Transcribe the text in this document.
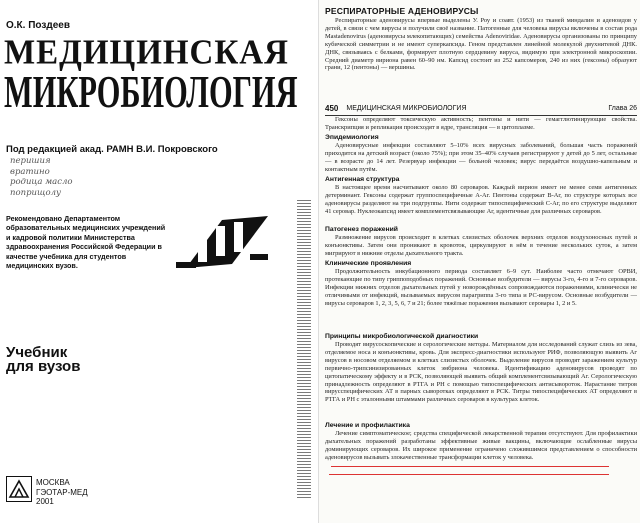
О.К. Поздеев
МЕДИЦИНСКАЯ
МИКРОБИОЛОГИЯ
Под редакцией акад. РАМН В.И. Покровского
перишия
вратино
родица масло
поприщолу
Рекомендовано Департаментом образовательных медицинских учреждений и кадровой политики Министерства здравоохранения Российской Федерации в качестве учебника для студентов медицинских вузов.
Учебник
для вузов
МОСКВА
ГЭОТАР-МЕД
2001
РЕСПИРАТОРНЫЕ АДЕНОВИРУСЫ
Респираторные аденовирусы впервые выделены У. Роу и соавт. (1953) из тканей миндалин и аденоидов у детей, в связи с чем вирусы и получили своё название. Патогенные для человека вирусы включены в состав рода Mastadenovirus (аденовирусы млекопитающих) семейства Adenoviridae. Аденовирусы организованы по принципу кубической симметрии и не имеют суперкапсида. Геном представлен линейной молекулой двухнитевой ДНК. ДНК, связываясь с белками, формирует плотную сердцевину вируса, видимую при электронной микроскопии. Средний диаметр вириона равен 60–90 нм. Капсид состоит из 252 капсомеров, 240 из них (гексоны) образуют грани, 12 (пентоны) — вершины.
450 МЕДИЦИНСКАЯ МИКРОБИОЛОГИЯ	Глава 26
Гексоны определяют токсическую активность; пентоны и нити — гемагглютинирующие свойства. Транскрипция и репликация происходят в ядре, трансляция — в цитоплазме.
Эпидемиология
Аденовирусные инфекции составляют 5–10% всех вирусных заболеваний, большая часть поражений приходится на детский возраст (около 75%); при этом 35–40% случаев регистрируют у детей до 5 лет, остальные — в возрасте до 14 лет. Резервуар инфекции — больной человек; вирус передаётся воздушно-капельным и контактным путём.
Антигенная структура
В настоящее время насчитывают около 80 сероваров. Каждый вирион имеет не менее семи антигенных детерминант. Гексоны содержат группоспецифичные А-Аг. Пентоны содержат В-Аг, по структуре которых все аденовирусы разделяют на три подгруппы. Нити содержат типоспецифический С-Аг, по его структуре выделяют 41 серовар. Нуклеокапсид имеет комплементсвязывающие Аг, идентичные для различных сероваров.
Патогенез поражений
Размножение вирусов происходит в клетках слизистых оболочек верхних отделов воздухоносных путей и конъюнктивы. Затем они проникают в кровоток, циркулируют в нём в течение нескольких суток, а затем мигрируют в нижние отделы дыхательного тракта.
Клинические проявления
Продолжительность инкубационного периода составляет 6–9 сут. Наиболее часто отмечают ОРВИ, протекающие по типу гриппоподобных поражений. Основные возбудители — вирусы 3-го, 4-го и 7-го сероваров. Инфекции нижних отделов дыхательных путей у новорождённых сопровождаются поражениями, клинически не отличимыми от инфекций, вызываемых вирусом парагриппа 3-го типа и РС-вирусом. Основные возбудители — вирусы сероваров 1, 2, 3, 5, 6, 7 и 21; более тяжёлые поражения вызывают серовары 1, 2 и 5.
Принципы микробиологической диагностики
Проводят вирусоскопические и серологические методы. Материалом для исследований служат слизь из зева, отделяемое носа и конъюнктивы, кровь. Для экспресс-диагностики используют РИФ, позволяющую выявить Аг вирусов в носовом отделяемом и клетках слизистых оболочек. Выделение вирусов проводят заражением культур первично-трипсинизированных клеток эмбриона человека. Идентификацию аденовирусов проводят по цитопатическому эффекту и в РСК, позволяющей выявить общий комплементсвязывающий Аг. Серологическую принадлежность определяют в РТГА и РН с помощью типоспецифических антисывороток. Нарастание титров вирусспецифических АТ в парных сыворотках определяют в РСК. Титры типоспецифических АТ определяют в РТГА и РН с эталонными штаммами различных сероваров в культурах клеток.
Лечение и профилактика
Лечение симптоматическое; средства специфической лекарственной терапии отсутствуют. Для профилактики дыхательных поражений разработаны эффективные живые вакцины, включающие ослабленные вирусы доминирующих сероваров. Их широкое применение ограничено сложившимся представлением о способности аденовирусов вызывать злокачественные трансформации клеток у человека.
